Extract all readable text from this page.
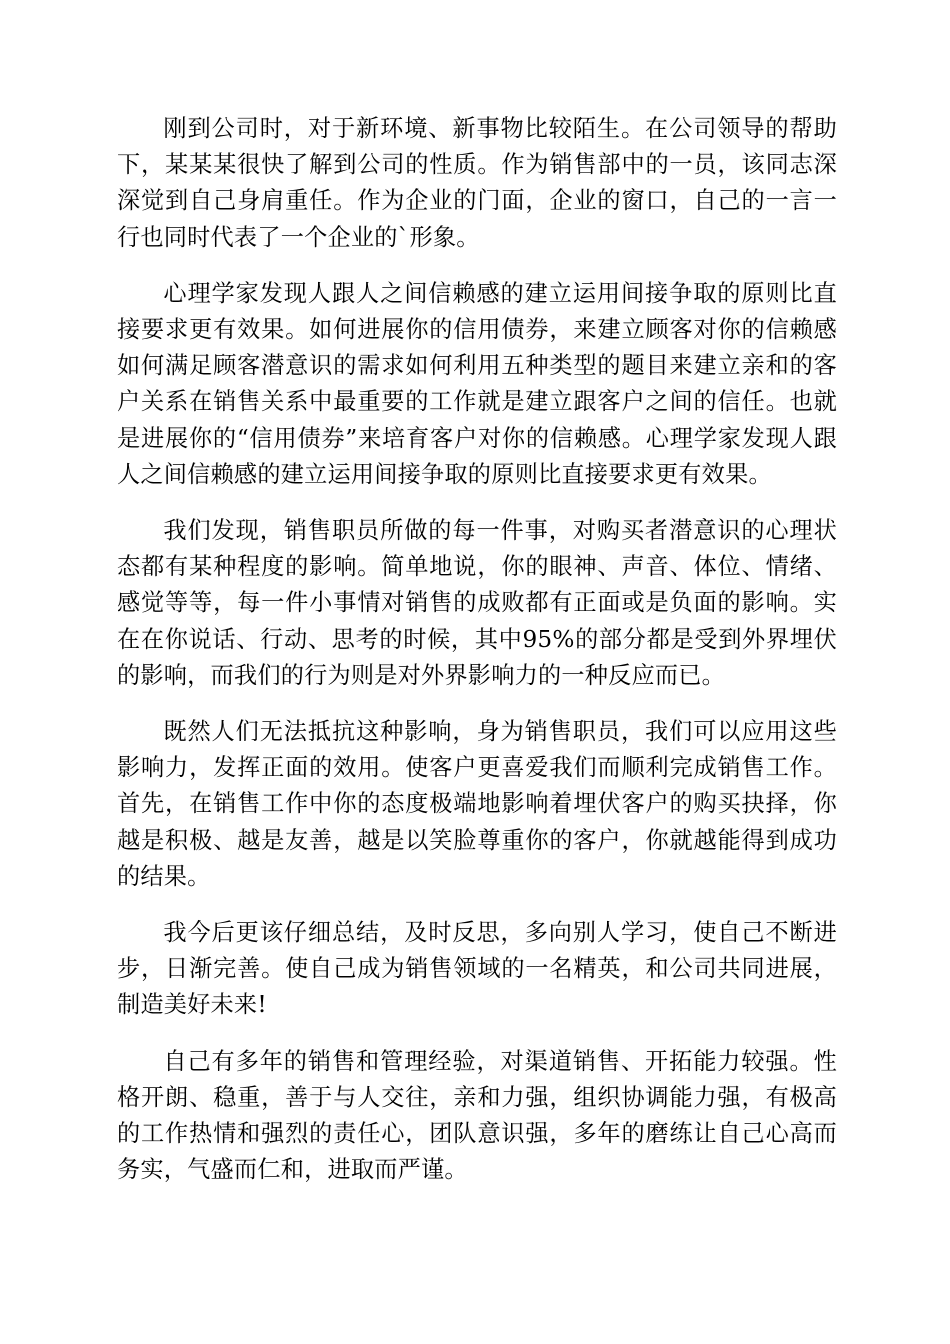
刚到公司时，对于新环境、新事物比较陌生。在公司领导的帮助下，某某某很快了解到公司的性质。作为销售部中的一员，该同志深深觉到自己身肩重任。作为企业的门面，企业的窗口，自己的一言一行也同时代表了一个企业的`形象。

心理学家发现人跟人之间信赖感的建立运用间接争取的原则比直接要求更有效果。如何进展你的信用债券，来建立顾客对你的信赖感如何满足顾客潜意识的需求如何利用五种类型的题目来建立亲和的客户关系在销售关系中最重要的工作就是建立跟客户之间的信任。也就是进展你的“信用债券”来培育客户对你的信赖感。心理学家发现人跟人之间信赖感的建立运用间接争取的原则比直接要求更有效果。

我们发现，销售职员所做的每一件事，对购买者潜意识的心理状态都有某种程度的影响。简单地说，你的眼神、声音、体位、情绪、感觉等等，每一件小事情对销售的成败都有正面或是负面的影响。实在在你说话、行动、思考的时候，其中95%的部分都是受到外界埋伏的影响，而我们的行为则是对外界影响力的一种反应而已。

既然人们无法抵抗这种影响，身为销售职员，我们可以应用这些影响力，发挥正面的效用。使客户更喜爱我们而顺利完成销售工作。首先，在销售工作中你的态度极端地影响着埋伏客户的购买抉择，你越是积极、越是友善，越是以笑脸尊重你的客户，你就越能得到成功的结果。

我今后更该仔细总结，及时反思，多向别人学习，使自己不断进步，日渐完善。使自己成为销售领域的一名精英，和公司共同进展，制造美好未来!

自己有多年的销售和管理经验，对渠道销售、开拓能力较强。性格开朗、稳重，善于与人交往，亲和力强，组织协调能力强，有极高的工作热情和强烈的责任心，团队意识强，多年的磨练让自己心高而务实，气盛而仁和，进取而严谨。
